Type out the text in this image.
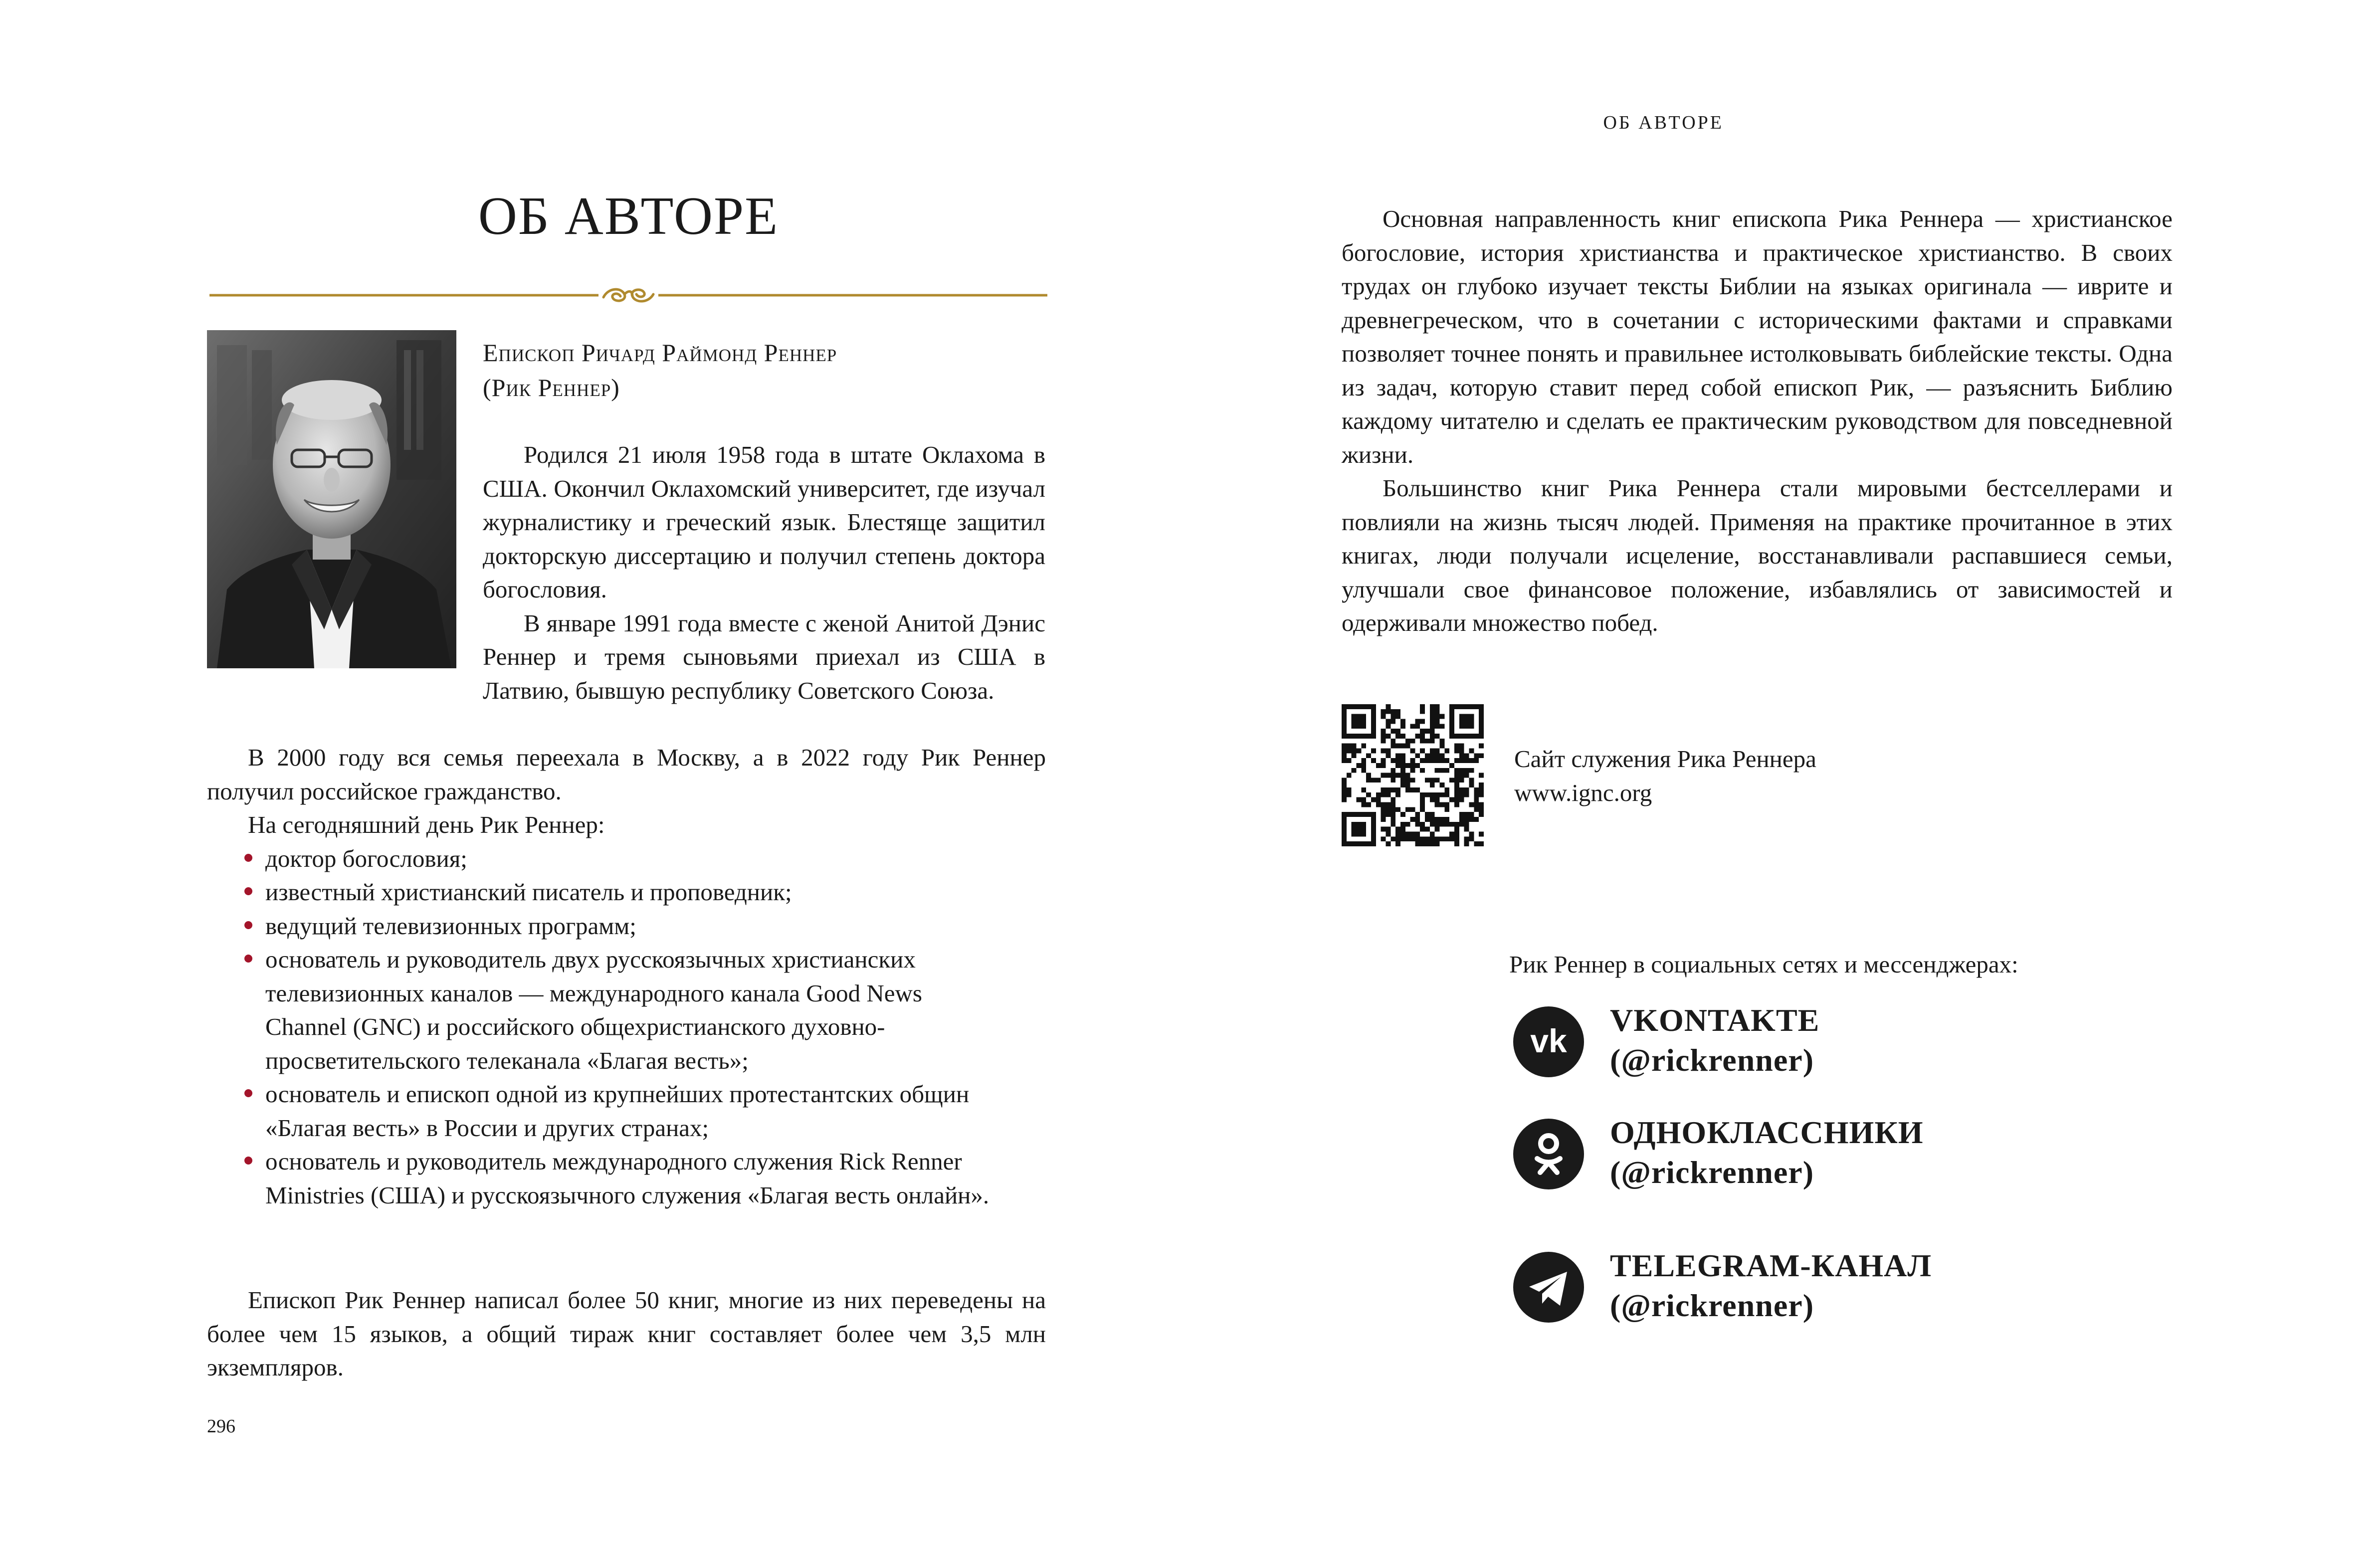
ОБ АВТОРЕ
Епископ Ричард Раймонд Реннер
(Рик Реннер)

Родился 21 июля 1958 года в штате Оклахома в США. Окончил Оклахомский университет, где изучал журналистику и греческий язык. Блестяще защитил докторскую диссертацию и получил степень доктора богословия.

В январе 1991 года вместе с женой Анитой Дэнис Реннер и тремя сыновьями приехал из США в Латвию, бывшую республику Советского Союза.

В 2000 году вся семья переехала в Москву, а в 2022 году Рик Реннер получил российское гражданство.

На сегодняшний день Рик Реннер:

доктор богословия;
известный христианский писатель и проповедник;
ведущий телевизионных программ;
основатель и руководитель двух русскоязычных христианских телевизионных каналов — международного канала Good News Channel (GNC) и российского общехристианского духовно-просветительского телеканала «Благая весть»;
основатель и епископ одной из крупнейших протестантских общин «Благая весть» в России и других странах;
основатель и руководитель международного служения Rick Renner Ministries (США) и русскоязычного служения «Благая весть онлайн».

Епископ Рик Реннер написал более 50 книг, многие из них переведены на более чем 15 языков, а общий тираж книг составляет более чем 3,5 млн экземпляров.

296
ОБ АВТОРЕ

Основная направленность книг епископа Рика Реннера — христианское богословие, история христианства и практическое христианство. В своих трудах он глубоко изучает тексты Библии на языках оригинала — иврите и древнегреческом, что в сочетании с историческими фактами и справками позволяет точнее понять и правильнее истолковывать библейские тексты. Одна из задач, которую ставит перед собой епископ Рик, — разъяснить Библию каждому читателю и сделать ее практическим руководством для повседневной жизни.

Большинство книг Рика Реннера стали мировыми бестселлерами и повлияли на жизнь тысяч людей. Применяя на практике прочитанное в этих книгах, люди получали исцеление, восстанавливали распавшиеся семьи, улучшали свое финансовое положение, избавлялись от зависимостей и одерживали множество побед.

Сайт служения Рика Реннера
www.ignc.org
Рик Реннер в социальных сетях и мессенджерах:
vk
VKONTAKTE
(@rickrenner)
ОДНОКЛАССНИКИ
(@rickrenner)
TELEGRAM-КАНАЛ
(@rickrenner)
